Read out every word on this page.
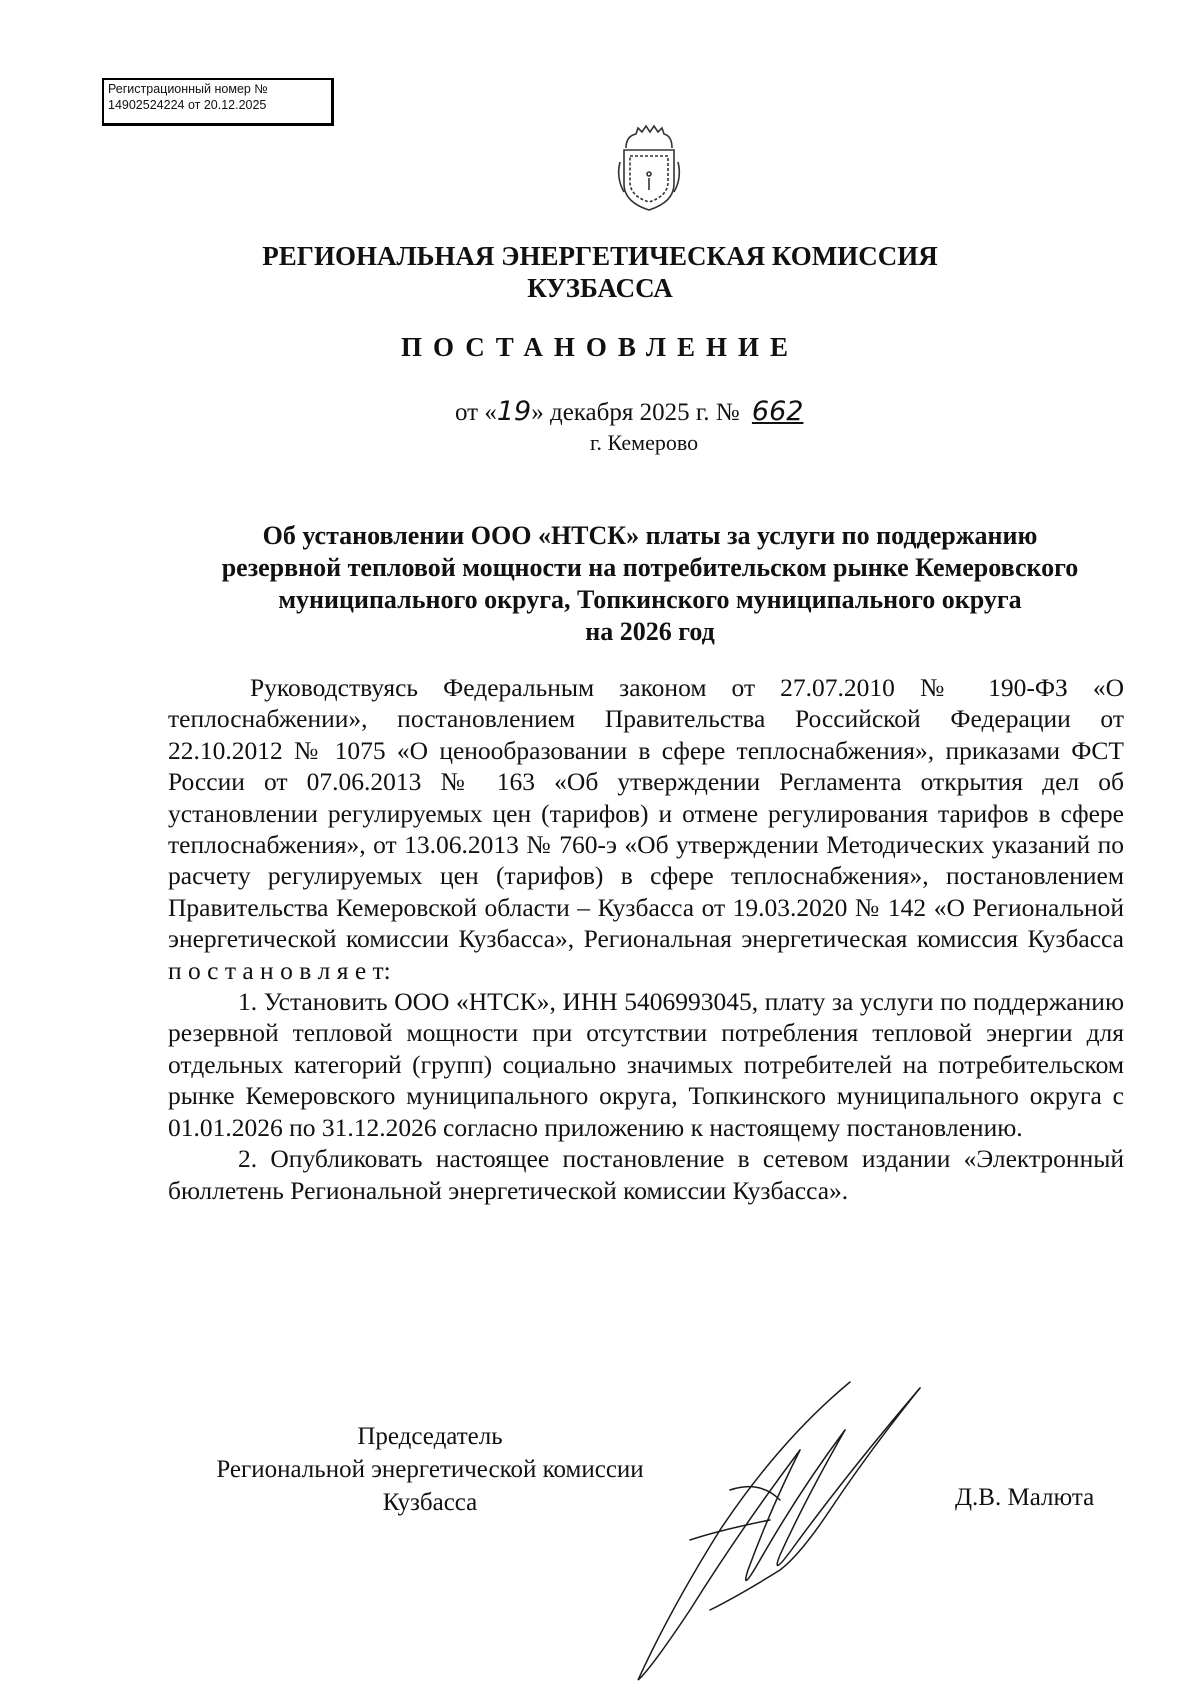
Регистрационный номер №
14902524224 от 20.12.2025
РЕГИОНАЛЬНАЯ ЭНЕРГЕТИЧЕСКАЯ КОМИССИЯ
КУЗБАССА
ПОСТАНОВЛЕНИЕ
от «19» декабря 2025 г. № 662
г. Кемерово
Об установлении ООО «НТСК» платы за услуги по поддержанию
резервной тепловой мощности на потребительском рынке Кемеровского
муниципального округа, Топкинского муниципального округа
на 2026 год
Руководствуясь Федеральным законом от 27.07.2010 № 190-ФЗ «О теплоснабжении», постановлением Правительства Российской Федерации от 22.10.2012 № 1075 «О ценообразовании в сфере теплоснабжения», приказами ФСТ России от 07.06.2013 № 163 «Об утверждении Регламента открытия дел об установлении регулируемых цен (тарифов) и отмене регулирования тарифов в сфере теплоснабжения», от 13.06.2013 № 760-э «Об утверждении Методических указаний по расчету регулируемых цен (тарифов) в сфере теплоснабжения», постановлением Правительства Кемеровской области – Кузбасса от 19.03.2020 № 142 «О Региональной энергетической комиссии Кузбасса», Региональная энергетическая комиссия Кузбасса п о с т а н о в л я е т:
1. Установить ООО «НТСК», ИНН 5406993045, плату за услуги по поддержанию резервной тепловой мощности при отсутствии потребления тепловой энергии для отдельных категорий (групп) социально значимых потребителей на потребительском рынке Кемеровского муниципального округа, Топкинского муниципального округа с 01.01.2026 по 31.12.2026 согласно приложению к настоящему постановлению.
2. Опубликовать настоящее постановление в сетевом издании «Электронный бюллетень Региональной энергетической комиссии Кузбасса».
Председатель
Региональной энергетической комиссии
Кузбасса	Д.В. Малюта
